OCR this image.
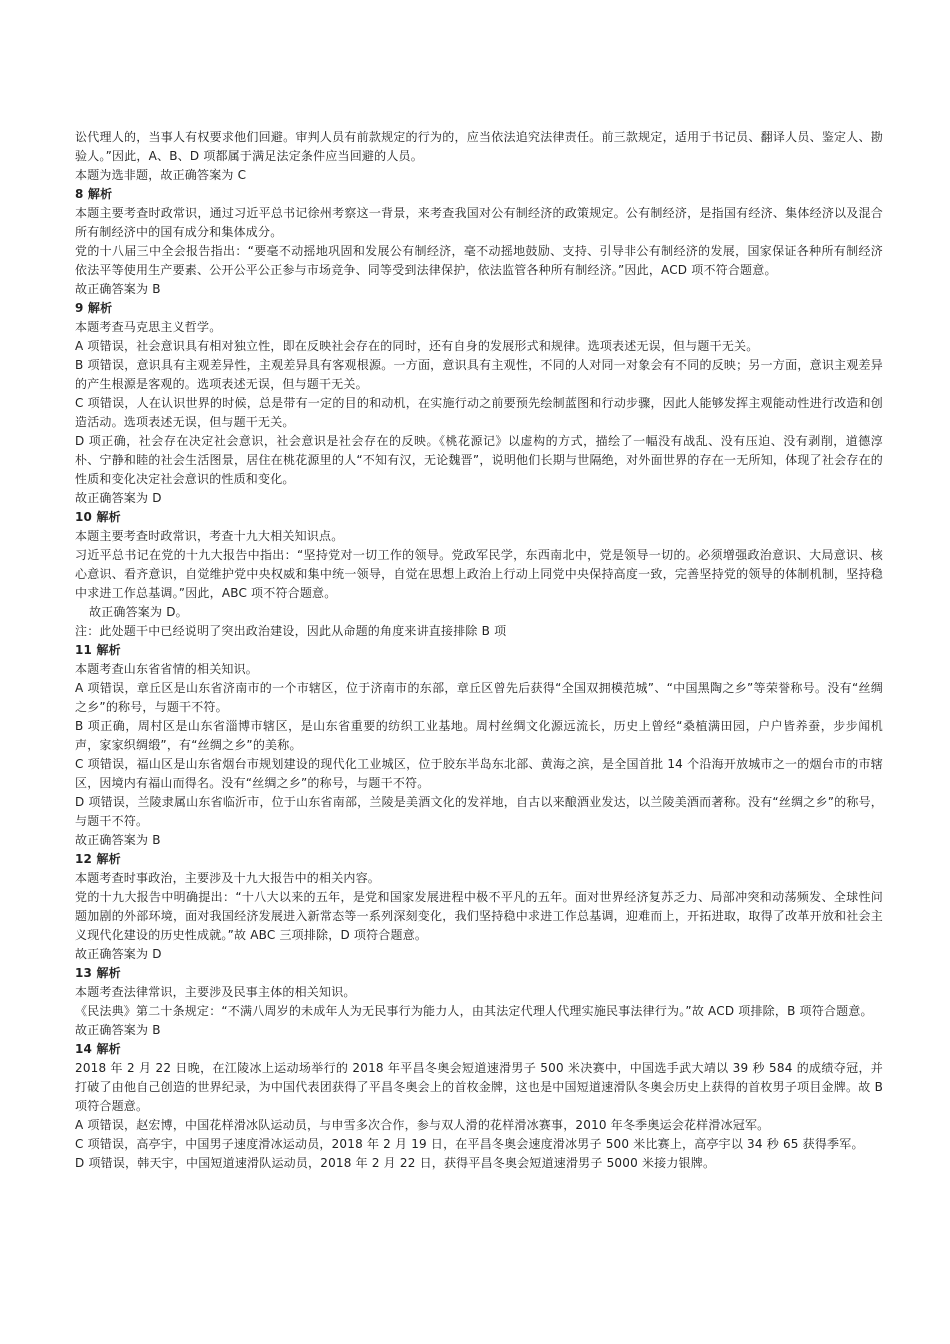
讼代理人的，当事人有权要求他们回避。审判人员有前款规定的行为的，应当依法追究法律责任。前三款规定，适用于书记员、翻译人员、鉴定人、勘验人。”因此，A、B、D 项都属于满足法定条件应当回避的人员。

本题为选非题，故正确答案为 C

8 解析

本题主要考查时政常识，通过习近平总书记徐州考察这一背景，来考查我国对公有制经济的政策规定。公有制经济，是指国有经济、集体经济以及混合所有制经济中的国有成分和集体成分。

党的十八届三中全会报告指出：“要毫不动摇地巩固和发展公有制经济，毫不动摇地鼓励、支持、引导非公有制经济的发展，国家保证各种所有制经济依法平等使用生产要素、公开公平公正参与市场竞争、同等受到法律保护，依法监管各种所有制经济。”因此，ACD 项不符合题意。

故正确答案为 B

9 解析

本题考查马克思主义哲学。

A 项错误，社会意识具有相对独立性，即在反映社会存在的同时，还有自身的发展形式和规律。选项表述无误，但与题干无关。

B 项错误，意识具有主观差异性，主观差异具有客观根源。一方面，意识具有主观性，不同的人对同一对象会有不同的反映；另一方面，意识主观差异的产生根源是客观的。选项表述无误，但与题干无关。

C 项错误，人在认识世界的时候，总是带有一定的目的和动机，在实施行动之前要预先绘制蓝图和行动步骤，因此人能够发挥主观能动性进行改造和创造活动。选项表述无误，但与题干无关。

D 项正确，社会存在决定社会意识，社会意识是社会存在的反映。《桃花源记》以虚构的方式，描绘了一幅没有战乱、没有压迫、没有剥削，道德淳朴、宁静和睦的社会生活图景，居住在桃花源里的人“不知有汉，无论魏晋”，说明他们长期与世隔绝，对外面世界的存在一无所知，体现了社会存在的性质和变化决定社会意识的性质和变化。

故正确答案为 D

10 解析

本题主要考查时政常识，考查十九大相关知识点。

习近平总书记在党的十九大报告中指出：“坚持党对一切工作的领导。党政军民学，东西南北中，党是领导一切的。必须增强政治意识、大局意识、核心意识、看齐意识，自觉维护党中央权威和集中统一领导，自觉在思想上政治上行动上同党中央保持高度一致，完善坚持党的领导的体制机制，坚持稳中求进工作总基调。”因此，ABC 项不符合题意。

故正确答案为 D。

注：此处题干中已经说明了突出政治建设，因此从命题的角度来讲直接排除 B 项

11 解析

本题考查山东省省情的相关知识。

A 项错误，章丘区是山东省济南市的一个市辖区，位于济南市的东部，章丘区曾先后获得“全国双拥模范城”、“中国黑陶之乡”等荣誉称号。没有“丝绸之乡”的称号，与题干不符。

B 项正确，周村区是山东省淄博市辖区，是山东省重要的纺织工业基地。周村丝绸文化源远流长，历史上曾经“桑植满田园，户户皆养蚕，步步闻机声，家家织绸缎”，有“丝绸之乡”的美称。

C 项错误，福山区是山东省烟台市规划建设的现代化工业城区，位于胶东半岛东北部、黄海之滨，是全国首批 14 个沿海开放城市之一的烟台市的市辖区，因境内有福山而得名。没有“丝绸之乡”的称号，与题干不符。

D 项错误，兰陵隶属山东省临沂市，位于山东省南部，兰陵是美酒文化的发祥地，自古以来酿酒业发达，以兰陵美酒而著称。没有“丝绸之乡”的称号，与题干不符。

故正确答案为 B

12 解析

本题考查时事政治，主要涉及十九大报告中的相关内容。

党的十九大报告中明确提出：“十八大以来的五年，是党和国家发展进程中极不平凡的五年。面对世界经济复苏乏力、局部冲突和动荡频发、全球性问题加剧的外部环境，面对我国经济发展进入新常态等一系列深刻变化，我们坚持稳中求进工作总基调，迎难而上，开拓进取，取得了改革开放和社会主义现代化建设的历史性成就。”故 ABC 三项排除，D 项符合题意。

故正确答案为 D

13 解析

本题考查法律常识，主要涉及民事主体的相关知识。

《民法典》第二十条规定：“不满八周岁的未成年人为无民事行为能力人，由其法定代理人代理实施民事法律行为。”故 ACD 项排除，B 项符合题意。

故正确答案为 B

14 解析

2018 年 2 月 22 日晚，在江陵冰上运动场举行的 2018 年平昌冬奥会短道速滑男子 500 米决赛中，中国选手武大靖以 39 秒 584 的成绩夺冠，并打破了由他自己创造的世界纪录，为中国代表团获得了平昌冬奥会上的首枚金牌，这也是中国短道速滑队冬奥会历史上获得的首枚男子项目金牌。故 B 项符合题意。

A 项错误，赵宏博，中国花样滑冰队运动员，与申雪多次合作，参与双人滑的花样滑冰赛事，2010 年冬季奥运会花样滑冰冠军。

C 项错误，高亭宇，中国男子速度滑冰运动员，2018 年 2 月 19 日，在平昌冬奥会速度滑冰男子 500 米比赛上，高亭宇以 34 秒 65 获得季军。

D 项错误，韩天宇，中国短道速滑队运动员，2018 年 2 月 22 日，获得平昌冬奥会短道速滑男子 5000 米接力银牌。
